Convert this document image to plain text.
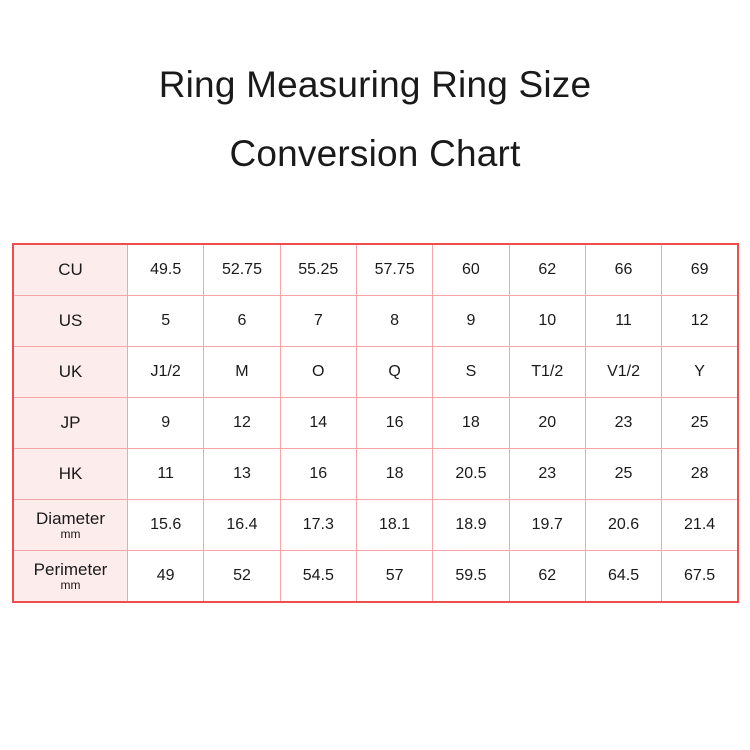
Ring Measuring Ring Size
Conversion Chart
CU	49.5	52.75	55.25	57.75	60	62	66	69

US	5	6	7	8	9	10	11	12

UK	J1/2	M	O	Q	S	T1/2	V1/2	Y

JP	9	12	14	16	18	20	23	25

HK	11	13	16	18	20.5	23	25	28

Diameter
mm	15.6	16.4	17.3	18.1	18.9	19.7	20.6	21.4

Perimeter
mm	49	52	54.5	57	59.5	62	64.5	67.5
